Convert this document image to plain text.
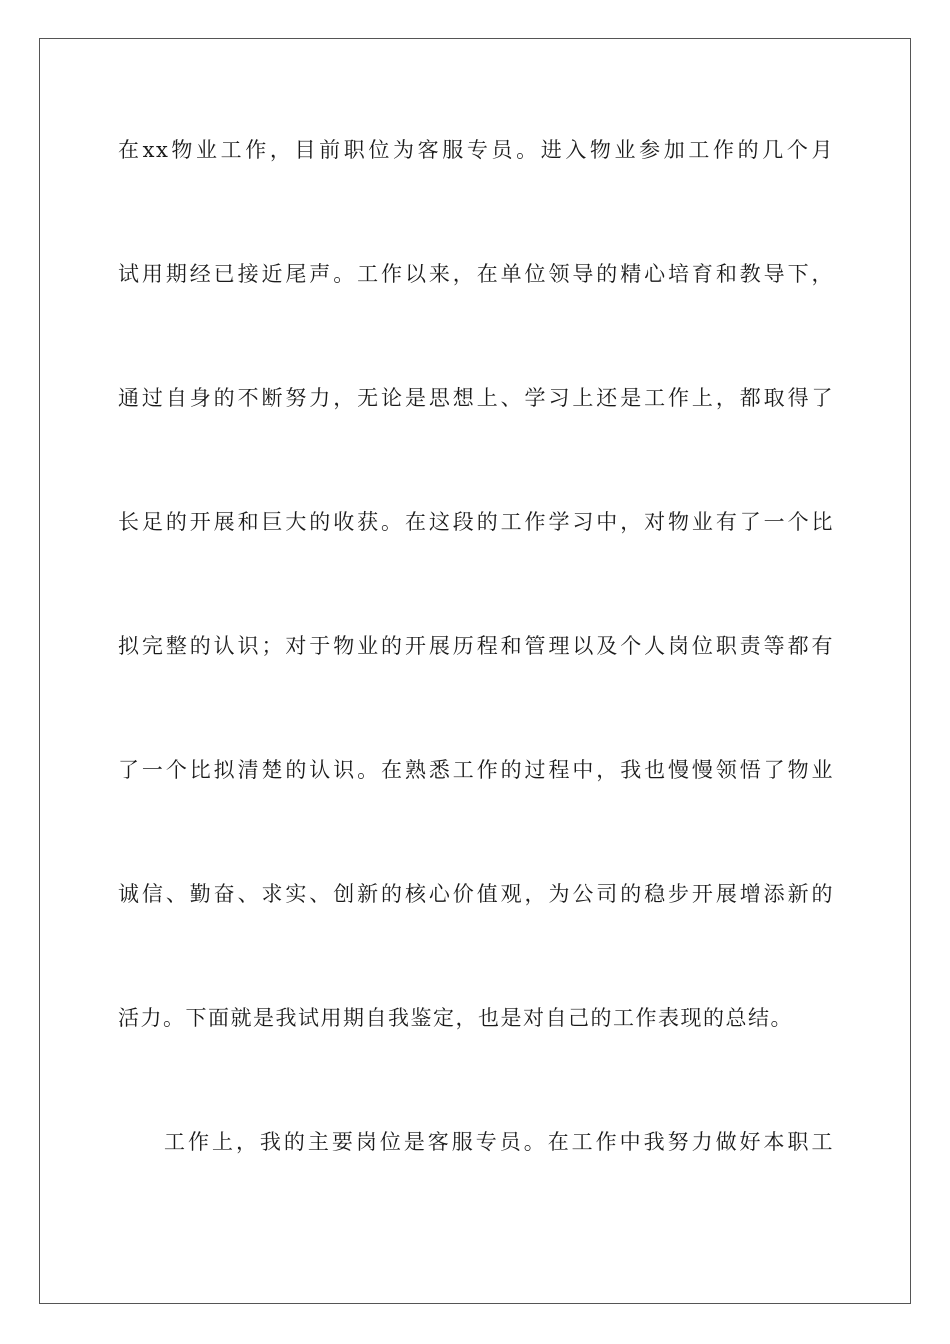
在xx物业工作，目前职位为客服专员。进入物业参加工作的几个月
试用期经已接近尾声。工作以来，在单位领导的精心培育和教导下，
通过自身的不断努力，无论是思想上、学习上还是工作上，都取得了
长足的开展和巨大的收获。在这段的工作学习中，对物业有了一个比
拟完整的认识；对于物业的开展历程和管理以及个人岗位职责等都有
了一个比拟清楚的认识。在熟悉工作的过程中，我也慢慢领悟了物业
诚信、勤奋、求实、创新的核心价值观，为公司的稳步开展增添新的
活力。下面就是我试用期自我鉴定，也是对自己的工作表现的总结。
工作上，我的主要岗位是客服专员。在工作中我努力做好本职工
